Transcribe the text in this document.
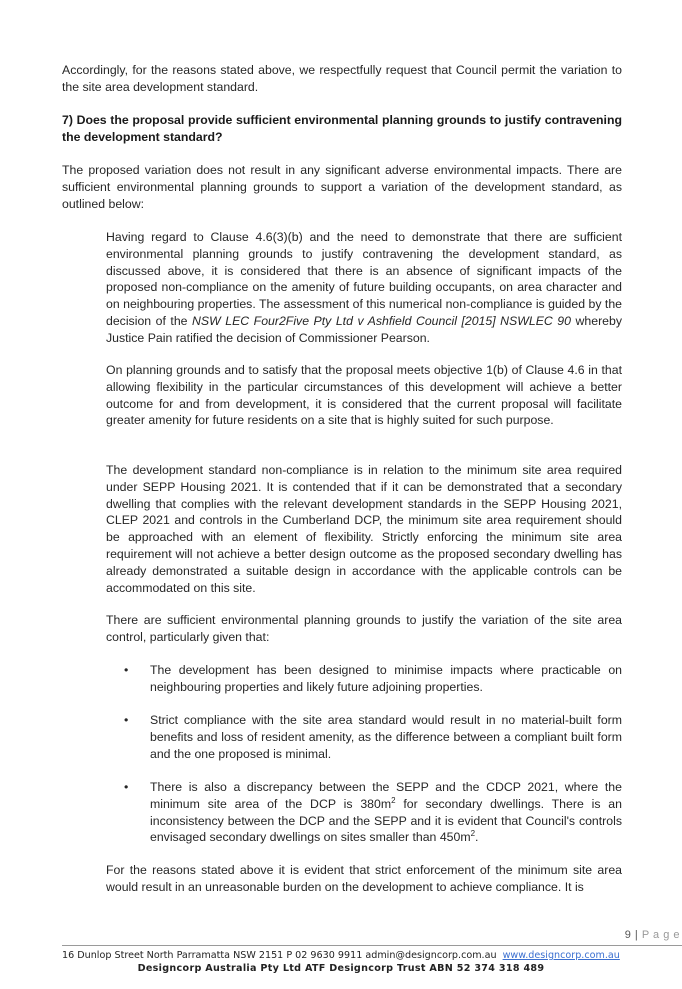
Accordingly, for the reasons stated above, we respectfully request that Council permit the variation to the site area development standard.

7) Does the proposal provide sufficient environmental planning grounds to justify contravening the development standard?

The proposed variation does not result in any significant adverse environmental impacts. There are sufficient environmental planning grounds to support a variation of the development standard, as outlined below:

Having regard to Clause 4.6(3)(b) and the need to demonstrate that there are sufficient environmental planning grounds to justify contravening the development standard, as discussed above, it is considered that there is an absence of significant impacts of the proposed non-compliance on the amenity of future building occupants, on area character and on neighbouring properties. The assessment of this numerical non-compliance is guided by the decision of the NSW LEC Four2Five Pty Ltd v Ashfield Council [2015] NSWLEC 90 whereby Justice Pain ratified the decision of Commissioner Pearson.

On planning grounds and to satisfy that the proposal meets objective 1(b) of Clause 4.6 in that allowing flexibility in the particular circumstances of this development will achieve a better outcome for and from development, it is considered that the current proposal will facilitate greater amenity for future residents on a site that is highly suited for such purpose.

The development standard non-compliance is in relation to the minimum site area required under SEPP Housing 2021. It is contended that if it can be demonstrated that a secondary dwelling that complies with the relevant development standards in the SEPP Housing 2021, CLEP 2021 and controls in the Cumberland DCP, the minimum site area requirement should be approached with an element of flexibility. Strictly enforcing the minimum site area requirement will not achieve a better design outcome as the proposed secondary dwelling has already demonstrated a suitable design in accordance with the applicable controls can be accommodated on this site.

There are sufficient environmental planning grounds to justify the variation of the site area control, particularly given that:

• The development has been designed to minimise impacts where practicable on neighbouring properties and likely future adjoining properties.

• Strict compliance with the site area standard would result in no material-built form benefits and loss of resident amenity, as the difference between a compliant built form and the one proposed is minimal.

• There is also a discrepancy between the SEPP and the CDCP 2021, where the minimum site area of the DCP is $380m^2$ for secondary dwellings. There is an inconsistency between the DCP and the SEPP and it is evident that Council's controls envisaged secondary dwellings on sites smaller than $450m^2$.

For the reasons stated above it is evident that strict enforcement of the minimum site area would result in an unreasonable burden on the development to achieve compliance. It is

9 | P a g e
16 Dunlop Street North Parramatta NSW 2151 P 02 9630 9911 admin@designcorp.com.au www.designcorp.com.au
Designcorp Australia Pty Ltd ATF Designcorp Trust ABN 52 374 318 489
